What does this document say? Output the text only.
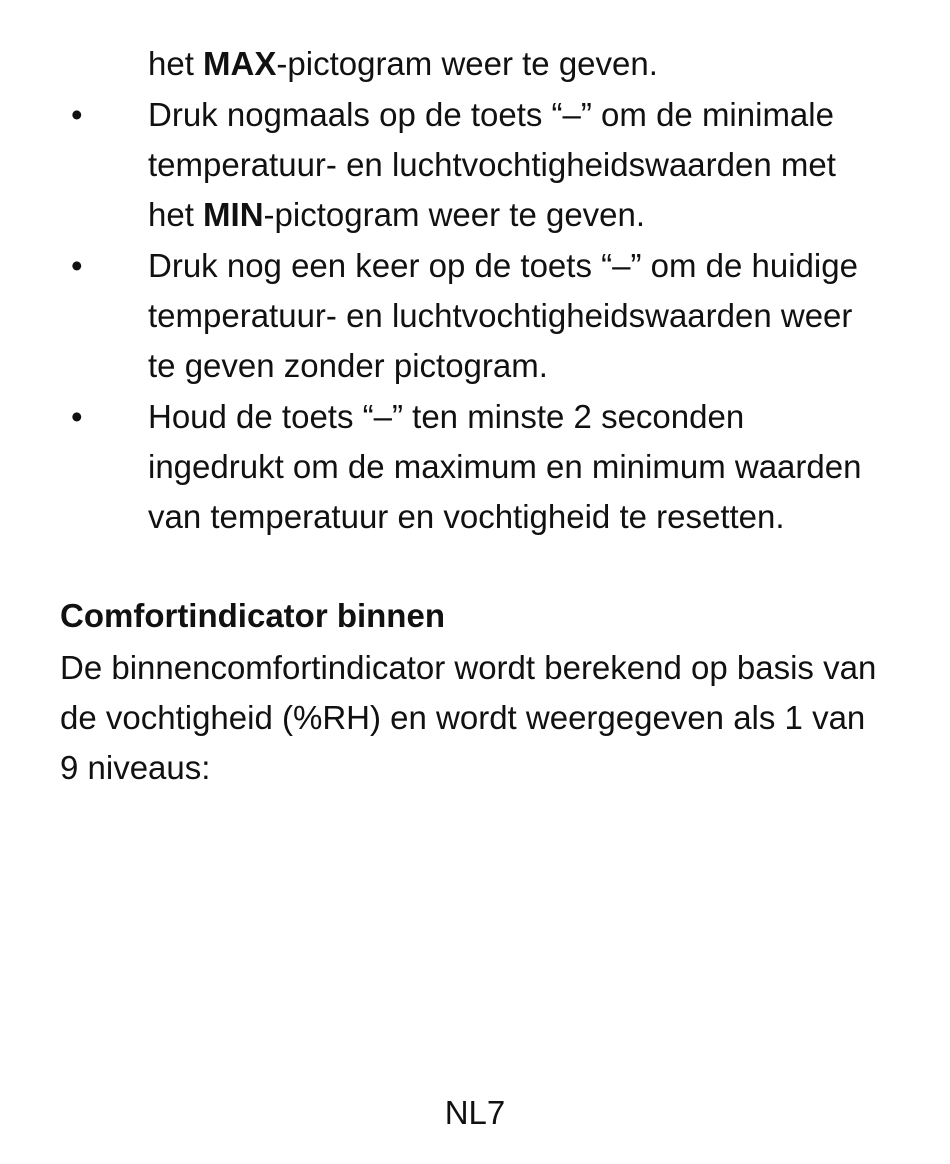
het MAX-pictogram weer te geven.
• Druk nogmaals op de toets “–” om de minimale
temperatuur- en luchtvochtigheidswaarden met
het MIN-pictogram weer te geven.
• Druk nog een keer op de toets “–” om de huidige
temperatuur- en luchtvochtigheidswaarden weer
te geven zonder pictogram.
• Houd de toets “–” ten minste 2 seconden
ingedrukt om de maximum en minimum waarden
van temperatuur en vochtigheid te resetten.
Comfortindicator binnen
De binnencomfortindicator wordt berekend op basis van
de vochtigheid (%RH) en wordt weergegeven als 1 van
9 niveaus:
NL7
